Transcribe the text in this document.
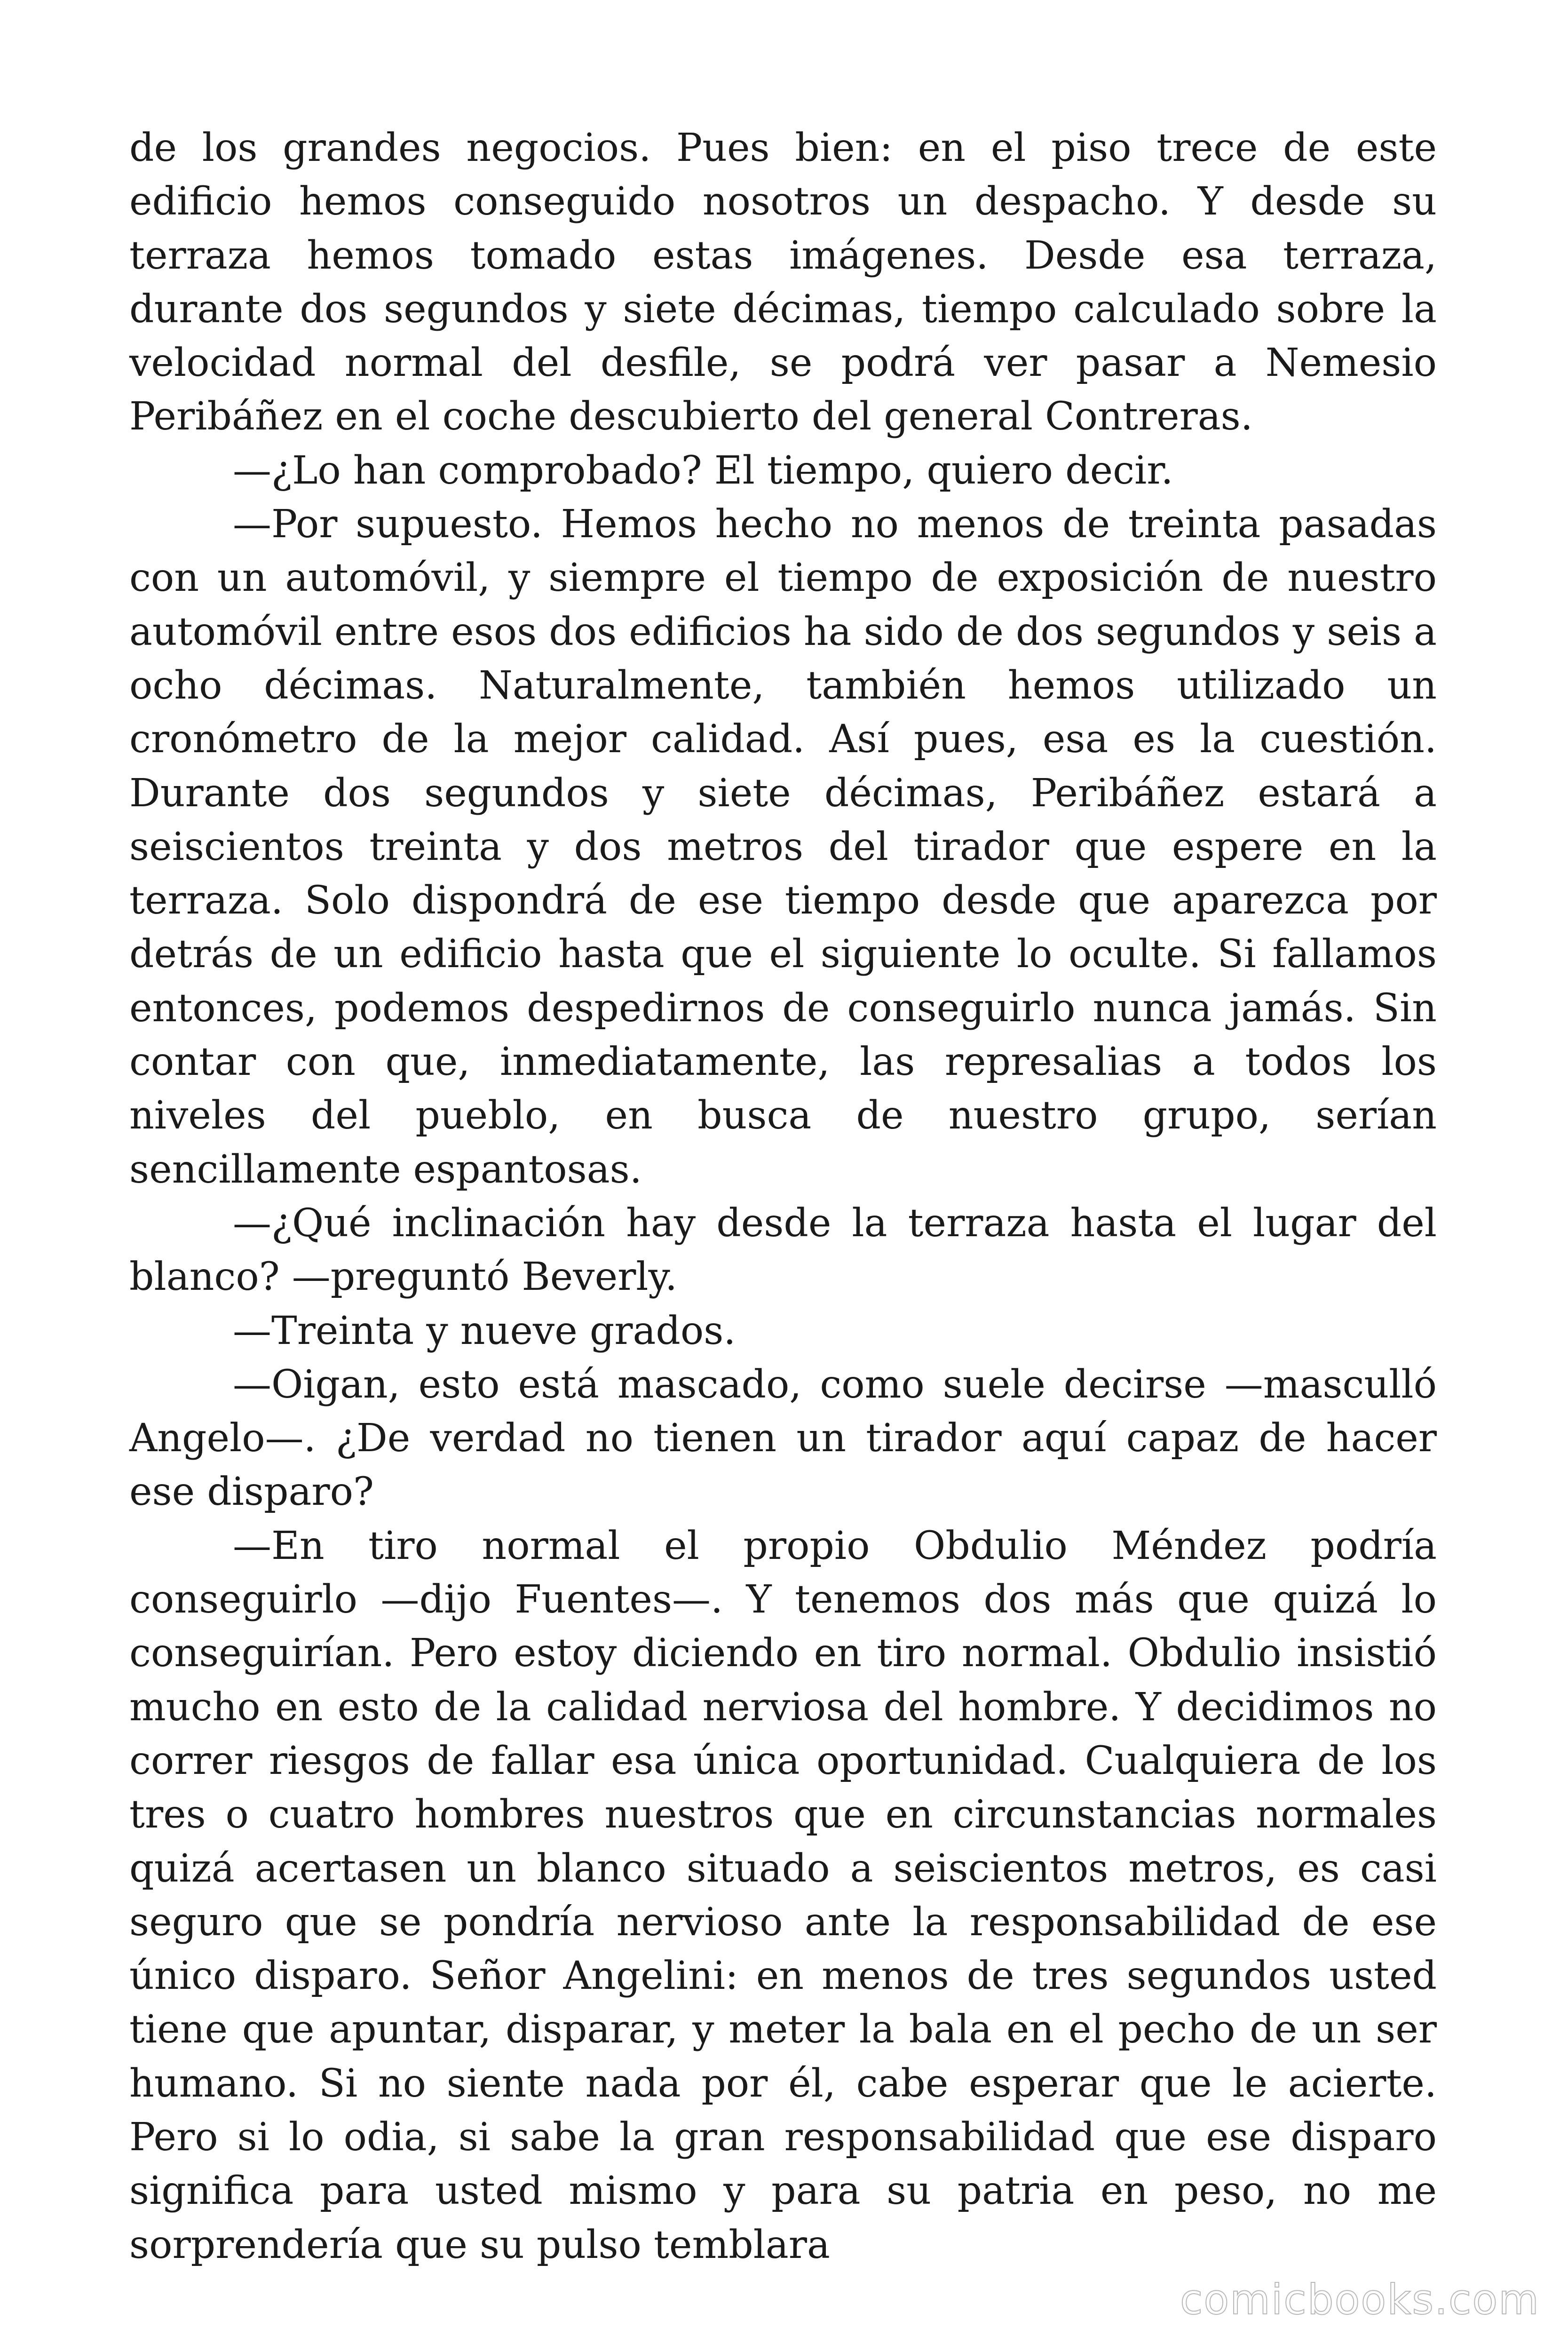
de los grandes negocios. Pues bien: en el piso trece de este edificio hemos conseguido nosotros un despacho. Y desde su terraza hemos tomado estas imágenes. Desde esa terraza, durante dos segundos y siete décimas, tiempo calculado sobre la velocidad normal del desfile, se podrá ver pasar a Nemesio Peribáñez en el coche descubierto del general Contreras.

—¿Lo han comprobado? El tiempo, quiero decir.

—Por supuesto. Hemos hecho no menos de treinta pasadas con un automóvil, y siempre el tiempo de exposición de nuestro automóvil entre esos dos edificios ha sido de dos segundos y seis a ocho décimas. Naturalmente, también hemos utilizado un cronómetro de la mejor calidad. Así pues, esa es la cuestión. Durante dos segundos y siete décimas, Peribáñez estará a seiscientos treinta y dos metros del tirador que espere en la terraza. Solo dispondrá de ese tiempo desde que aparezca por detrás de un edificio hasta que el siguiente lo oculte. Si fallamos entonces, podemos despedirnos de conseguirlo nunca jamás. Sin contar con que, inmediatamente, las represalias a todos los niveles del pueblo, en busca de nuestro grupo, serían sencillamente espantosas.

—¿Qué inclinación hay desde la terraza hasta el lugar del blanco? —preguntó Beverly.

—Treinta y nueve grados.

—Oigan, esto está mascado, como suele decirse —masculló Angelo—. ¿De verdad no tienen un tirador aquí capaz de hacer ese disparo?

—En tiro normal el propio Obdulio Méndez podría conseguirlo —dijo Fuentes—. Y tenemos dos más que quizá lo conseguirían. Pero estoy diciendo en tiro normal. Obdulio insistió mucho en esto de la calidad nerviosa del hombre. Y decidimos no correr riesgos de fallar esa única oportunidad. Cualquiera de los tres o cuatro hombres nuestros que en circunstancias normales quizá acertasen un blanco situado a seiscientos metros, es casi seguro que se pondría nervioso ante la responsabilidad de ese único disparo. Señor Angelini: en menos de tres segundos usted tiene que apuntar, disparar, y meter la bala en el pecho de un ser humano. Si no siente nada por él, cabe esperar que le acierte. Pero si lo odia, si sabe la gran responsabilidad que ese disparo significa para usted mismo y para su patria en peso, no me sorprendería que su pulso temblara

comicbooks.com
